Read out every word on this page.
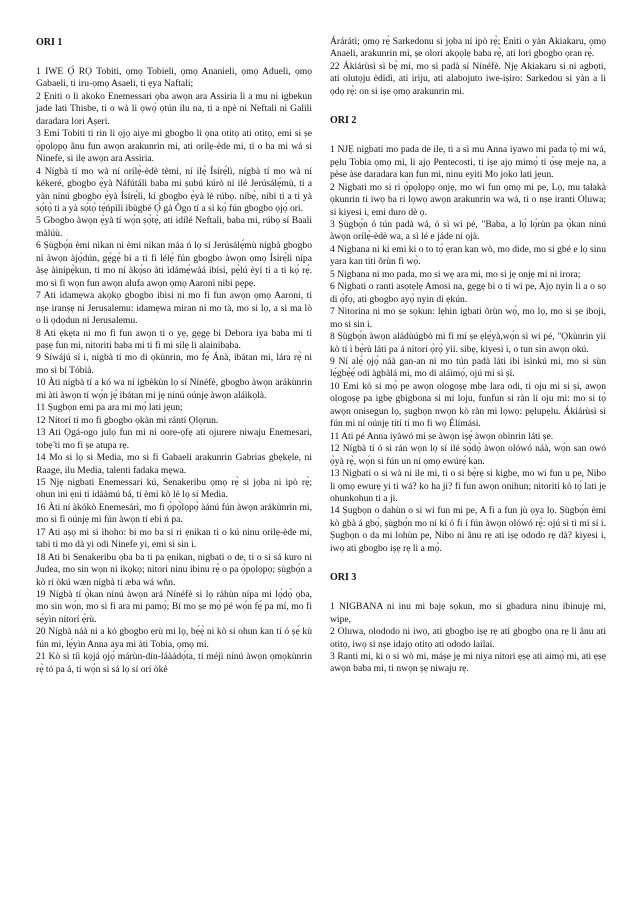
ORI 1

1 IWE Ọ̀ RỌ Tobiti, ọmọ Tobieli, ọmọ Ananieli, ọmọ Adueli, ọmọ Gabaeli, ti iru-ọmọ Asaeli, ti ẹya Naftali;

2 Ẹniti o li akoko Enemessari ọba awọn ara Assiria li a mu ni igbekun jade lati Thisbe, ti o wà li ọwọ́ ọtún ilu na, ti a npè ni Neftali ni Galili daradara lori Aṣeri.

3 Emi Tobiti ti rin li ọjọ aiye mi gbogbo li ọna otitọ ati otitọ, emi si ṣe ọ̀pọlọpọ ãnu fun awọn arakunrin mi, ati orilẹ-ède mi, ti o ba mi wá si Ninefe, si ilẹ awọn ara Assiria.

4 Nígbà tí mo wà ní orílẹ̀-èdè tèmi, ní ilẹ̀ Ísírẹ́lì, nígbà tí mo wà ní kékeré, gbogbo ẹ̀yà Náfútálì baba mi ṣubú kúrò ní ilé Jerúsálẹ́mù, tí a yàn nínú gbogbo ẹ̀yà Ísírẹ́lì, kí gbogbo ẹ̀yà lè rúbọ. níbẹ̀, níbi ti a ti yà sọ́tọ̀ ti a yà sọ́tọ̀ tẹ́ńpìlì ìbùgbé Ọ̀ gá Ògo tí a sì kọ́ fún gbogbo ọjọ́ orí.

5 Gbogbo àwọn ẹ̀yà tí wọ́n ṣọ̀tẹ̀, ati idílé Neftali, baba mi, rúbọ sí Baali màlúù.

6 Ṣùgbọ́n èmi nìkan ni èmi nìkan máa ń lọ sí Jerúsálẹ́mù nígbà gbogbo ní àwọn àjọ̀dún, gẹ́gẹ́ bí a ti fi lélẹ̀ fún gbogbo àwọn ọmọ Ísírẹ́lì nípa àṣẹ àìnípẹ̀kun, tí mo ní àkọ́so àti ìdámẹ́wàá ìbísí, pẹ̀lú èyí tí a ti kọ́ rẹ́. mo sì fi wọn fun awọn alufa awọn ọmọ Aaroni nibi pẹpẹ.

7 Ati idamẹwa akọkọ gbogbo ibisi ni mo fi fun awọn ọmọ Aaroni, ti nṣe iranṣẹ ni Jerusalemu: idamẹwa miran ni mo tà, mo si lọ, a si ma lò o li ọdọdun ni Jerusalemu.

8 Ati ẹkẹta ni mo fi fun awọn ti o yẹ, gẹgẹ bi Debora iya baba mi ti paṣẹ fun mi, nitoriti baba mi ti fi mi silẹ li alainibaba.

9 Síwájú sí i, nígbà tí mo di ọkùnrin, mo fẹ́ Ánà, ìbátan mi, lára rẹ̀ ni mo sì bí Tóbìà.

10 Àti nígbà tí a kó wa ní ìgbèkùn lọ sí Nínéfè, gbogbo àwọn arákùnrin mi àti àwọn tí wọ́n jẹ́ ìbátan mi jẹ nínú oúnjẹ àwọn aláìkọlà.

11 Ṣugbọn emi pa ara mi mọ́ lati jẹun;

12 Nítorí tí mo fi gbogbo ọkàn mi rántí Ọlọrun.

13 Ati Ọgá-ogo julọ fun mi ni oore-ọfẹ ati ojurere niwaju Enemesari, tobẹ̃ ti mo fi ṣe atupa rẹ.

14 Mo si lọ si Media, mo si fi Gabaeli arakunrin Gabrias gbẹkẹle, ni Raage, ilu Media, talenti fadaka mẹwa.

15 Njẹ nigbati Enemessari kú, Senakeribu ọmọ rẹ̀ si jọba ni ipò rẹ̀; ohun inì ẹni ti idààmú bá, tí èmi kò lè lọ sí Media.

16 Àti ní àkókò Enemesárì, mo fi ọ̀pọ̀lọpọ̀ àánú fún àwọn arákùnrin mi, mo sì fi oúnjẹ mi fún àwọn tí ebi ń pa.

17 Ati aṣọ mi si ìhoho: bi mo ba si ri ẹnikan ti o kú ninu orilẹ-ède mi, tabi ti mo dà yi odi Ninefe yi, emi si sin i.

18 Ati bi Senakeribu ọba ba ti pa ẹnikan, nigbati o de, ti o si sá kuro ni Judea, mo sin wọn ni ikọkọ; nitori ninu ibinu rẹ̀ o pa ọ̀pọlọpọ; ṣùgbọ́n a kò rí òkú wæn nígbà tí æba wá wñn.

19 Nígbà tí ọ̀kan nínú àwọn ará Nínéfè sì lọ ráhùn nípa mi lọ́dọ̀ ọba, mo sin wọ́n, mo sì fi ara mi pamọ́; Bí mo ṣe mọ̀ pé wọ́n fẹ́ pa mí, mo fi sẹ́yìn nítorí ẹ̀rù.

20 Nígbà náà ni a kó gbogbo ẹrù mi lọ, bẹ́ẹ̀ ni kò sí ohun kan tí ó ṣẹ́ kù fún mi, lẹ́yìn Anna aya mi àti Tobia, ọmọ mi.

21 Kò sì tíì kọjá ọjọ́ márùn-dín-láàádọ́ta, tí méjì nínú àwọn ọmọkùnrin rẹ̀ tó pa á, tí wọ́n sì sá lọ sí orí òkè

Árárátì; ọmọ rẹ̀ Sarkedonu sì jọba ní ipò rẹ̀; Ẹniti o yàn Akiakaru, ọmọ Anaeli, arakunrin mi, ṣe olori akọọlẹ baba rẹ̀, ati lori gbogbo ọran rẹ̀.

22 Ákiárùsì sì bẹ̀ mí, mo sì padà sí Nínéfè. Njẹ Akiakaru si ni agbọti, ati olutọju èdidì, ati iriju, ati alabojuto iwe-iṣiro: Sarkedou si yàn a li ọdọ rẹ̀: on si iṣe ọmọ arakunrin mi.

ORI 2

1 NJẸ nigbati mo pada de ile, ti a si mu Anna iyawo mi pada tọ̀ mi wá, pẹlu Tobia ọmọ mi, li ajọ Pentecosti, ti iṣe ajọ mimọ́ ti ọ̀sẹ meje na, a pèse àse daradara kan fun mi, ninu eyiti Mo joko lati jẹun.

2 Nigbati mo si ri ọ̀pọlọpọ onjẹ, mo wi fun ọmọ mi pe, Lọ, mu talakà ọkunrin ti iwọ ba ri lọwọ awọn arakunrin wa wá, ti o nṣe iranti Oluwa; si kiyesi i, emi duro dè ọ.

3 Ṣùgbọ́n ó tún padà wá, ó sì wí pé, "Baba, a lọ́ lọ́rùn pa ọ̀kan nínú àwọn orílẹ̀-èdè wa, a sì lé e jáde ní ọjà.

4 Nigbana ni ki emi ki o to tọ́ ẹran kan wò, mo dide, mo si gbé e lọ sinu yara kan titi õrùn fi wọ̀.

5 Nigbana ni mo pada, mo si wẹ ara mi, mo si jẹ onjẹ mi ni irora;

6 Nigbati o ranti asọtẹlẹ Amosi na, gẹgẹ bi o ti wi pe, Ajọ nyin li a o sọ di ọ̀fọ, ati gbogbo ayọ̀ nyin di ẹkún.

7 Nitorina ni mo ṣe sọkun: lẹhin igbati õrùn wọ̀, mo lọ, mo si ṣe iboji, mo si sin i.

8 Ṣùgbọ́n àwọn aládùúgbò mi fi mí ṣe ẹlẹ́yà,wọ́n sì wí pé, "Ọkùnrin yìí kò tí ì bẹ̀rù láti pa á nítorí ọ̀rọ̀ yìí. sibẹ, kiyesi i, o tun sin awọn okú.

9 Ní alẹ́ ọjọ́ náà gan-an ni mo tún padà láti ibi ìsìnkú mi, mo sì sùn lẹ́gbẹ̀ẹ́ odi àgbàlá mi, mo di aláìmọ́, ojú mi sì ṣí.

10 Emi kò si mọ̀ pe awọn ologoṣẹ mbẹ lara odi, ti oju mi si ṣi, awọn ologoṣẹ pa igbẹ gbigbona si mi loju, funfun si ràn lí oju mi: mo si tọ̀ awọn onisegun lọ, ṣugbọn nwọn kò ràn mi lọwọ: pẹlupẹlu. Ákiárùsì sì fún mi ní oúnjẹ títí tí mo fi wọ Élímásì.

11 Ati pé Anna iyàwó mi ṣe àwọn iṣẹ́ àwọn obìnrin láti ṣe.

12 Nígbà tí ó sì rán wọn lọ sí ilé sọ̀dọ̀ àwọn olówó náà, wọ́n san owó ọ̀yà rẹ̀, wọ́n sì fún un ní ọmọ ewúrẹ́ kan.

13 Nigbati o si wà ni ile mi, ti o si bẹ̀rẹ si kigbe, mo wi fun u pe, Nibo li ọmọ ewurẹ yi ti wá? ko ha ji? fi fun awọn onihun; nitoriti kò tọ́ lati jẹ ohunkohun ti a ji.

14 Ṣugbọn o dahùn o si wi fun mi pe, A fi a fun jù ọya lọ. Ṣùgbọ́n èmi kò gbà á gbọ́, ṣùgbọ́n mo ní kí ó fi í fún àwọn olówó rẹ̀: ojú sì tì mí sí i. Ṣugbọn o da mi lohùn pe, Nibo ni ãnu rẹ ati iṣẹ ododo rẹ dà? kiyesi i, iwọ ati gbogbo iṣẹ rẹ li a mọ̀.

ORI 3

1 NIGBANA ni inu mi bajẹ sọkun, mo si gbadura ninu ibinujẹ mi, wipe,

2 Oluwa, olododo ni iwọ, ati gbogbo iṣẹ rẹ ati gbogbo ọna rẹ li ãnu ati otitọ, iwọ si nṣe idajọ otitọ ati ododo lailai.

3 Ranti mi, ki o si wò mi, máṣe jẹ mi niya nitori ẹṣẹ ati aimọ̀ mi, ati ẹṣẹ awọn baba mi, ti nwọn ṣẹ niwaju rẹ.
